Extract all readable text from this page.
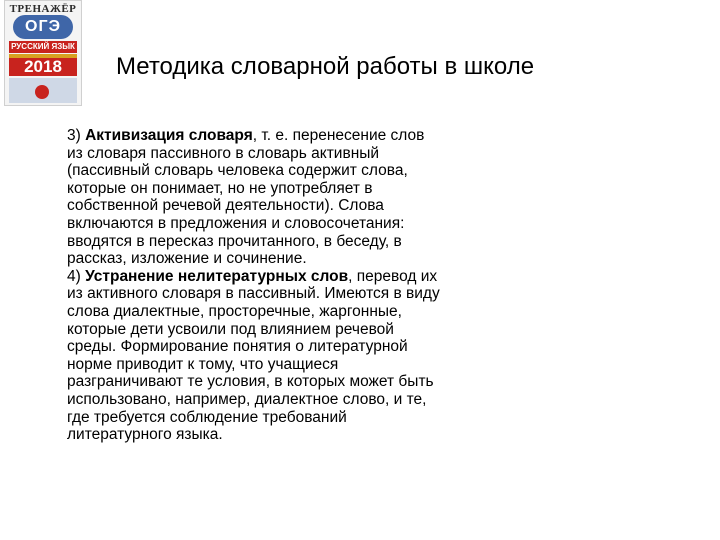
ТРЕНАЖЁР
ОГЭ
РУССКИЙ ЯЗЫК
2018	Методика словарной работы в школе
3) Активизация словаря, т. е. перенесение слов
из словаря пассивного в словарь активный
(пассивный словарь человека содержит слова,
которые он понимает, но не употребляет в
собственной речевой деятельности). Слова
включаются в предложения и словосочетания:
вводятся в пересказ прочитанного, в беседу, в
рассказ, изложение и сочинение.
4) Устранение нелитературных слов, перевод их
из активного словаря в пассивный. Имеются в виду
слова диалектные, просторечные, жаргонные,
которые дети усвоили под влиянием речевой
среды. Формирование понятия о литературной
норме приводит к тому, что учащиеся
разграничивают те условия, в которых может быть
использовано, например, диалектное слово, и те,
где требуется соблюдение требований
литературного языка.
